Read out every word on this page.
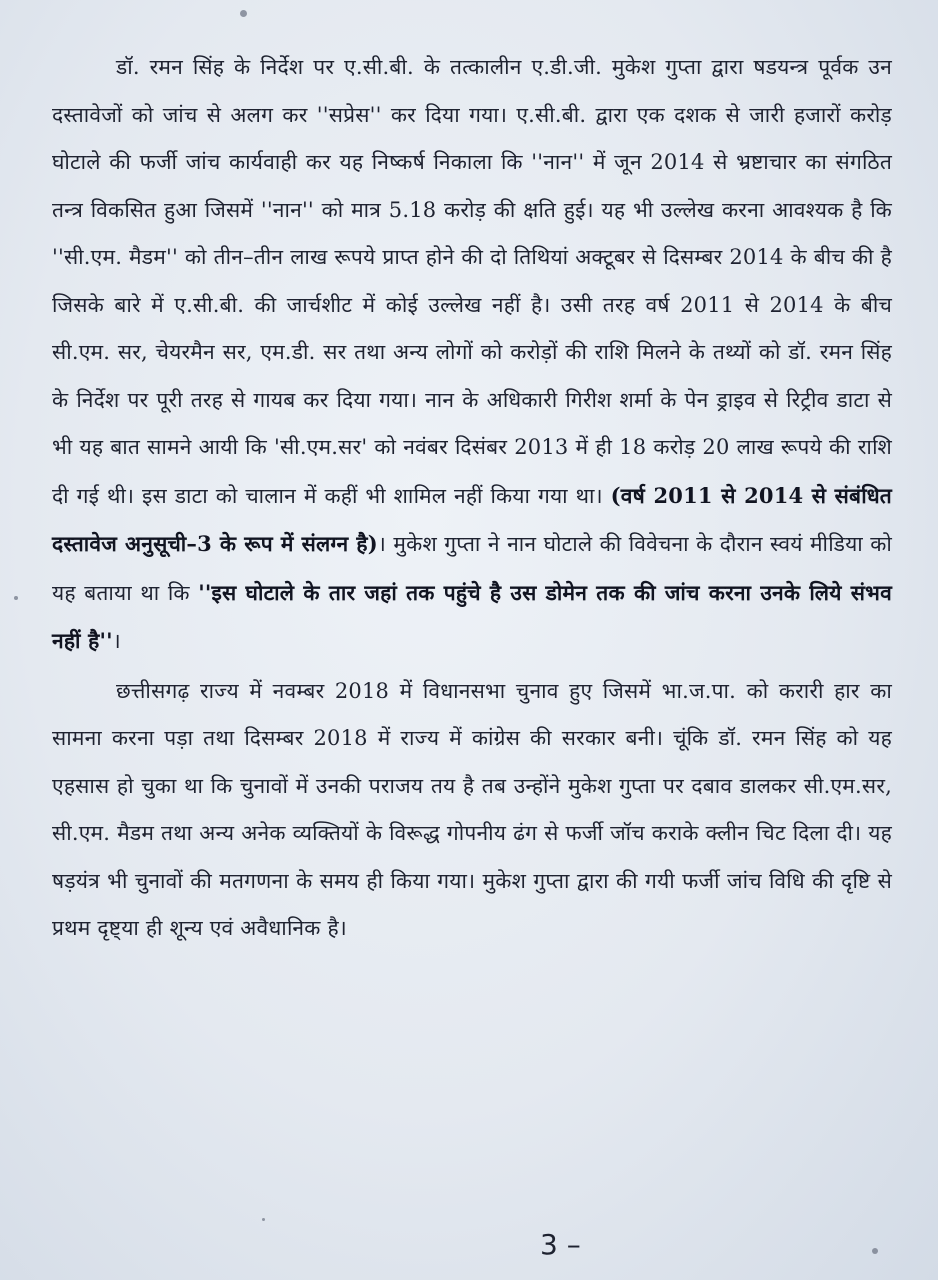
डॉ. रमन सिंह के निर्देश पर ए.सी.बी. के तत्कालीन ए.डी.जी. मुकेश गुप्ता द्वारा षडयन्त्र पूर्वक उन दस्तावेजों को जांच से अलग कर ''सप्रेस'' कर दिया गया। ए.सी.बी. द्वारा एक दशक से जारी हजारों करोड़ घोटाले की फर्जी जांच कार्यवाही कर यह निष्कर्ष निकाला कि ''नान'' में जून 2014 से भ्रष्टाचार का संगठित तन्त्र विकसित हुआ जिसमें ''नान'' को मात्र 5.18 करोड़ की क्षति हुई। यह भी उल्लेख करना आवश्यक है कि ''सी.एम. मैडम'' को तीन–तीन लाख रूपये प्राप्त होने की दो तिथियां अक्टूबर से दिसम्बर 2014 के बीच की है जिसके बारे में ए.सी.बी. की जार्चशीट में कोई उल्लेख नहीं है। उसी तरह वर्ष 2011 से 2014 के बीच सी.एम. सर, चेयरमैन सर, एम.डी. सर तथा अन्य लोगों को करोड़ों की राशि मिलने के तथ्यों को डॉ. रमन सिंह के निर्देश पर पूरी तरह से गायब कर दिया गया। नान के अधिकारी गिरीश शर्मा के पेन ड्राइव से रिट्रीव डाटा से भी यह बात सामने आयी कि 'सी.एम.सर' को नवंबर दिसंबर 2013 में ही 18 करोड़ 20 लाख रूपये की राशि दी गई थी। इस डाटा को चालान में कहीं भी शामिल नहीं किया गया था। (वर्ष 2011 से 2014 से संबंधित दस्तावेज अनुसूची–3 के रूप में संलग्न है)। मुकेश गुप्ता ने नान घोटाले की विवेचना के दौरान स्वयं मीडिया को यह बताया था कि ''इस घोटाले के तार जहां तक पहुंचे है उस डोमेन तक की जांच करना उनके लिये संभव नहीं है''।

छत्तीसगढ़ राज्य में नवम्बर 2018 में विधानसभा चुनाव हुए जिसमें भा.ज.पा. को करारी हार का सामना करना पड़ा तथा दिसम्बर 2018 में राज्य में कांग्रेस की सरकार बनी। चूंकि डॉ. रमन सिंह को यह एहसास हो चुका था कि चुनावों में उनकी पराजय तय है तब उन्होंने मुकेश गुप्ता पर दबाव डालकर सी.एम.सर, सी.एम. मैडम तथा अन्य अनेक व्यक्तियों के विरूद्ध गोपनीय ढंग से फर्जी जॉच कराके क्लीन चिट दिला दी। यह षड़यंत्र भी चुनावों की मतगणना के समय ही किया गया। मुकेश गुप्ता द्वारा की गयी फर्जी जांच विधि की दृष्टि से प्रथम दृष्ट्या ही शून्य एवं अवैधानिक है।

3 –
